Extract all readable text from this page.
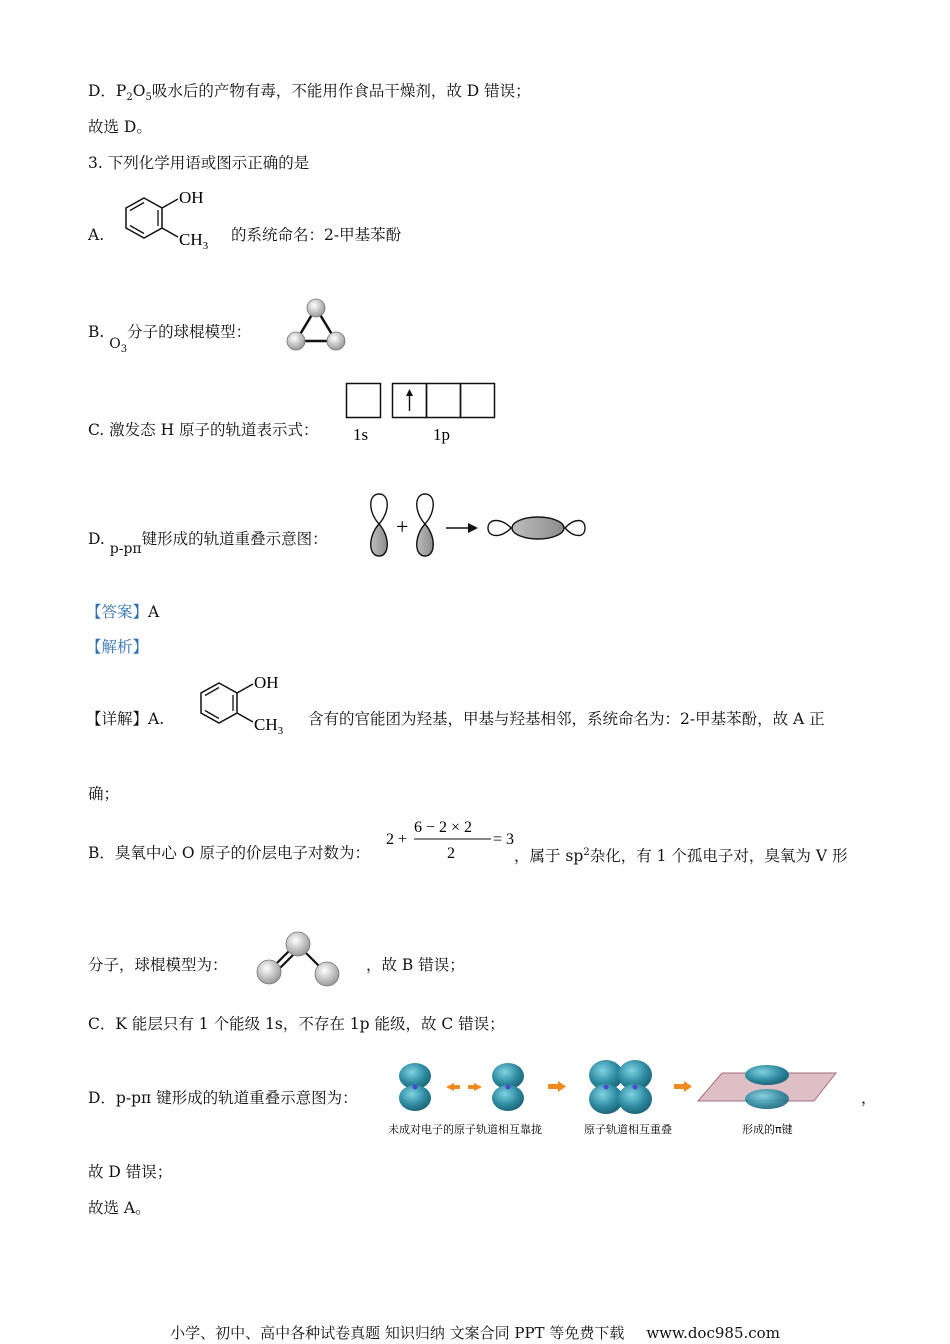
D．$P_2O_5$吸水后的产物有毒，不能用作食品干燥剂，故 D 错误；
故选 D。
3. 下列化学用语或图示正确的是
A.
OH
$CH_3$
的系统命名：2-甲基苯酚
B. $O_3$分子的球棍模型：
C. 激发态 H 原子的轨道表示式： 1s	1p
D. p-pπ键形成的轨道重叠示意图：	+
【答案】A
【解析】
【详解】A.
OH
$CH_3$
含有的官能团为羟基，甲基与羟基相邻，系统命名为：2-甲基苯酚，故 A 正
确；
B．臭氧中心 O 原子的价层电子对数为：
2 +
6 − 2 × 2
2
= 3
，属于 $sp^2$杂化，有 1 个孤电子对，臭氧为 V 形
分子，球棍模型为：	，故 B 错误；
C．K 能层只有 1 个能级 1s，不存在 1p 能级，故 C 错误；
D．p-pπ 键形成的轨道重叠示意图为：
未成对电子的原子轨道相互靠拢	原子轨道相互重叠	形成的π键
，
故 D 错误；
故选 A。
小学、初中、高中各种试卷真题 知识归纳 文案合同 PPT 等免费下载 www.doc985.com
